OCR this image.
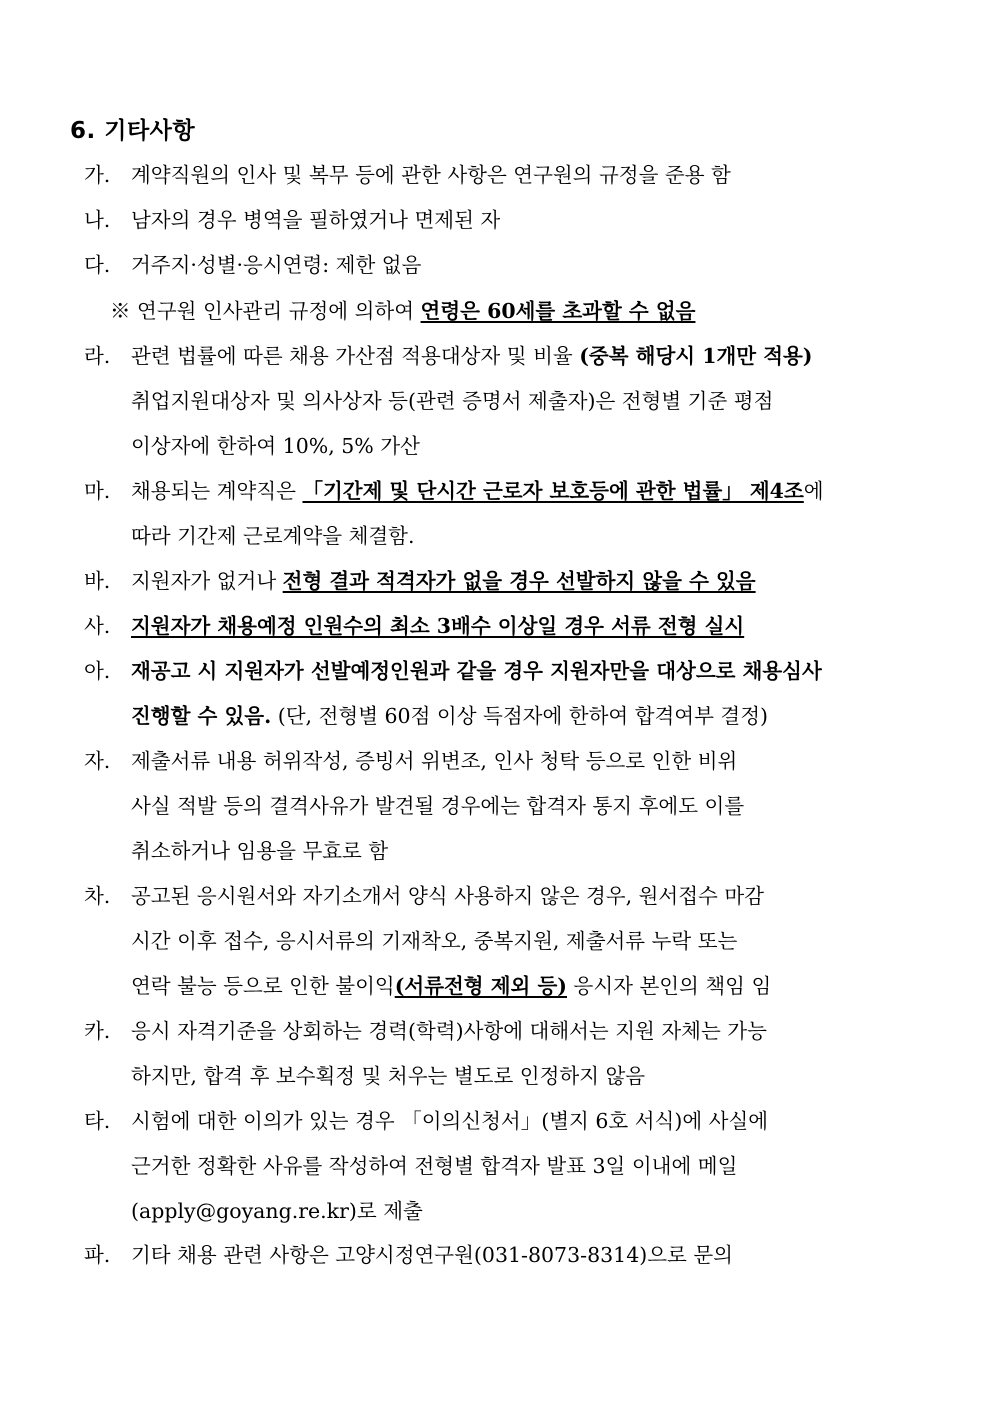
6. 기타사항
가. 계약직원의 인사 및 복무 등에 관한 사항은 연구원의 규정을 준용 함
나. 남자의 경우 병역을 필하였거나 면제된 자
다. 거주지·성별·응시연령: 제한 없음
※ 연구원 인사관리 규정에 의하여 연령은 60세를 초과할 수 없음
라. 관련 법률에 따른 채용 가산점 적용대상자 및 비율 (중복 해당시 1개만 적용)
취업지원대상자 및 의사상자 등(관련 증명서 제출자)은 전형별 기준 평점
이상자에 한하여 10%, 5% 가산
마. 채용되는 계약직은 「기간제 및 단시간 근로자 보호등에 관한 법률」 제4조에
따라 기간제 근로계약을 체결함.
바. 지원자가 없거나 전형 결과 적격자가 없을 경우 선발하지 않을 수 있음
사. 지원자가 채용예정 인원수의 최소 3배수 이상일 경우 서류 전형 실시
아. 재공고 시 지원자가 선발예정인원과 같을 경우 지원자만을 대상으로 채용심사
진행할 수 있음. (단, 전형별 60점 이상 득점자에 한하여 합격여부 결정)
자. 제출서류 내용 허위작성, 증빙서 위변조, 인사 청탁 등으로 인한 비위
사실 적발 등의 결격사유가 발견될 경우에는 합격자 통지 후에도 이를
취소하거나 임용을 무효로 함
차. 공고된 응시원서와 자기소개서 양식 사용하지 않은 경우, 원서접수 마감
시간 이후 접수, 응시서류의 기재착오, 중복지원, 제출서류 누락 또는
연락 불능 등으로 인한 불이익(서류전형 제외 등) 응시자 본인의 책임 임
카. 응시 자격기준을 상회하는 경력(학력)사항에 대해서는 지원 자체는 가능
하지만, 합격 후 보수획정 및 처우는 별도로 인정하지 않음
타. 시험에 대한 이의가 있는 경우 「이의신청서」(별지 6호 서식)에 사실에
근거한 정확한 사유를 작성하여 전형별 합격자 발표 3일 이내에 메일
(apply@goyang.re.kr)로 제출
파. 기타 채용 관련 사항은 고양시정연구원(031-8073-8314)으로 문의
